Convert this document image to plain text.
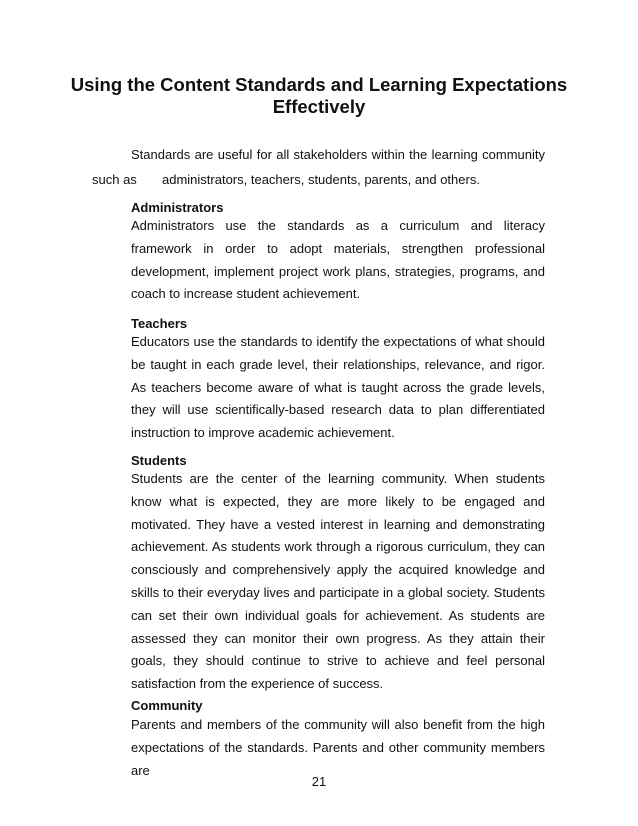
Using the Content Standards and Learning Expectations
Effectively
Standards are useful for all stakeholders within the learning community
such as administrators, teachers, students, parents, and others.
Administrators

Administrators use the standards as a curriculum and literacy framework in order to adopt materials, strengthen professional development, implement project work plans, strategies, programs, and coach to increase student achievement.

Teachers

Educators use the standards to identify the expectations of what should be taught in each grade level, their relationships, relevance, and rigor. As teachers become aware of what is taught across the grade levels, they will use scientifically-based research data to plan differentiated instruction to improve academic achievement.

Students

Students are the center of the learning community. When students know what is expected, they are more likely to be engaged and motivated. They have a vested interest in learning and demonstrating achievement. As students work through a rigorous curriculum, they can consciously and comprehensively apply the acquired knowledge and skills to their everyday lives and participate in a global society. Students can set their own individual goals for achievement. As students are assessed they can monitor their own progress. As they attain their goals, they should continue to strive to achieve and feel personal satisfaction from the experience of success.

Community

Parents and members of the community will also benefit from the high expectations of the standards. Parents and other community members are

21
